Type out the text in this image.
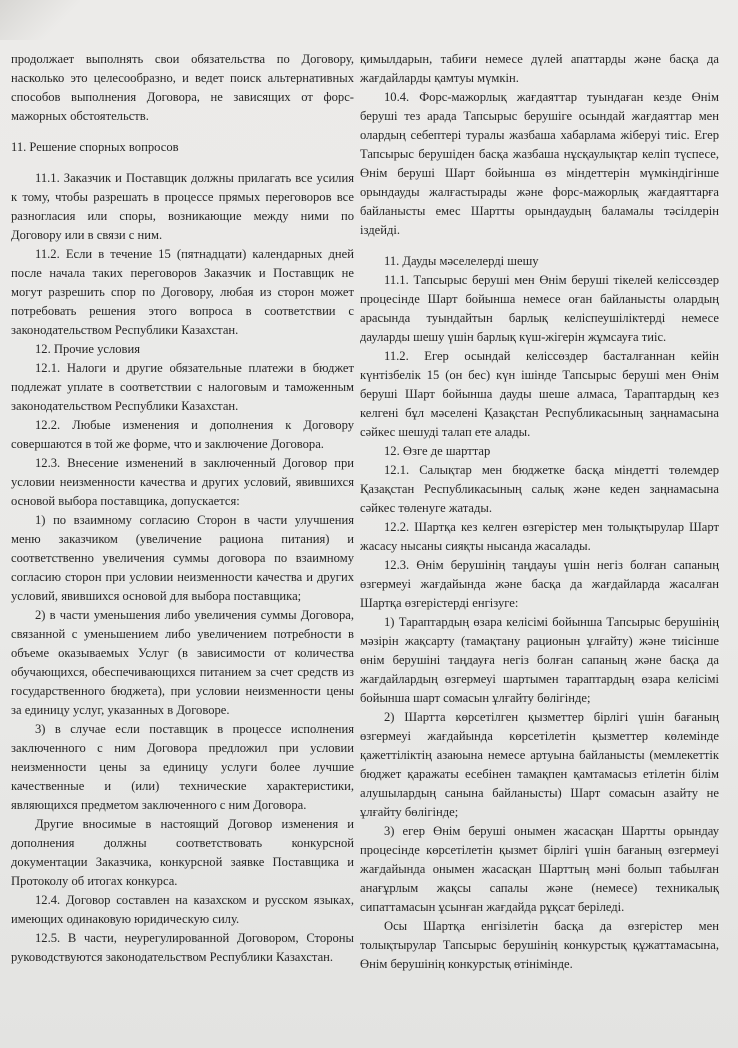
продолжает выполнять свои обязательства по Договору, насколько это целесообразно, и ведет поиск альтернативных способов выполнения Договора, не зависящих от форс-мажорных обстоятельств.

11. Решение спорных вопросов

11.1. Заказчик и Поставщик должны прилагать все усилия к тому, чтобы разрешать в процессе прямых переговоров все разногласия или споры, возникающие между ними по Договору или в связи с ним.

11.2. Если в течение 15 (пятнадцати) календарных дней после начала таких переговоров Заказчик и Поставщик не могут разрешить спор по Договору, любая из сторон может потребовать решения этого вопроса в соответствии с законодательством Республики Казахстан.

12. Прочие условия

12.1. Налоги и другие обязательные платежи в бюджет подлежат уплате в соответствии с налоговым и таможенным законодательством Республики Казахстан.

12.2. Любые изменения и дополнения к Договору совершаются в той же форме, что и заключение Договора.

12.3. Внесение изменений в заключенный Договор при условии неизменности качества и других условий, явившихся основой выбора поставщика, допускается:

1) по взаимному согласию Сторон в части улучшения меню заказчиком (увеличение рациона питания) и соответственно увеличения суммы договора по взаимному согласию сторон при условии неизменности качества и других условий, явившихся основой для выбора поставщика;

2) в части уменьшения либо увеличения суммы Договора, связанной с уменьшением либо увеличением потребности в объеме оказываемых Услуг (в зависимости от количества обучающихся, обеспечивающихся питанием за счет средств из государственного бюджета), при условии неизменности цены за единицу услуг, указанных в Договоре.

3) в случае если поставщик в процессе исполнения заключенного с ним Договора предложил при условии неизменности цены за единицу услуги более лучшие качественные и (или) технические характеристики, являющихся предметом заключенного с ним Договора.

Другие вносимые в настоящий Договор изменения и дополнения должны соответствовать конкурсной документации Заказчика, конкурсной заявке Поставщика и Протоколу об итогах конкурса.

12.4. Договор составлен на казахском и русском языках, имеющих одинаковую юридическую силу.

12.5. В части, неурегулированной Договором, Стороны руководствуются законодательством Республики Казахстан.

қимылдарын, табиғи немесе дүлей апаттарды және басқа да жағдайларды қамтуы мүмкін.

10.4. Форс-мажорлық жағдаяттар туындаған кезде Өнім беруші тез арада Тапсырыс берушіге осындай жағдаяттар мен олардың себептері туралы жазбаша хабарлама жіберуі тиіс. Егер Тапсырыс берушіден басқа жазбаша нұсқаулықтар келіп түспесе, Өнім беруші Шарт бойынша өз міндеттерін мүмкіндігінше орындауды жалғастырады және форс-мажорлық жағдаяттарға байланысты емес Шартты орындаудың баламалы тәсілдерін іздейді.

11. Дауды мәселелерді шешу

11.1. Тапсырыс беруші мен Өнім беруші тікелей келіссөздер процесінде Шарт бойынша немесе оған байланысты олардың арасында туындайтын барлық келіспеушіліктерді немесе дауларды шешу үшін барлық күш-жігерін жұмсауға тиіс.

11.2. Егер осындай келіссөздер басталғаннан кейін күнтізбелік 15 (он бес) күн ішінде Тапсырыс беруші мен Өнім беруші Шарт бойынша дауды шеше алмаса, Тараптардың кез келгені бұл мәселені Қазақстан Республикасының заңнамасына сәйкес шешуді талап ете алады.

12. Өзге де шарттар

12.1. Салықтар мен бюджетке басқа міндетті төлемдер Қазақстан Республикасының салық және кеден заңнамасына сәйкес төленуге жатады.

12.2. Шартқа кез келген өзгерістер мен толықтырулар Шарт жасасу нысаны сияқты нысанда жасалады.

12.3. Өнім берушінің таңдауы үшін негіз болған сапаның өзгермеуі жағдайында және басқа да жағдайларда жасалған Шартқа өзгерістерді енгізуге:

1) Тараптардың өзара келісімі бойынша Тапсырыс берушінің мәзірін жақсарту (тамақтану рационын ұлғайту) және тиісінше өнім берушіні таңдауға негіз болған сапаның және басқа да жағдайлардың өзгермеуі шартымен тараптардың өзара келісімі бойынша шарт сомасын ұлғайту бөлігінде;

2) Шартта көрсетілген қызметтер бірлігі үшін бағаның өзгермеуі жағдайында көрсетілетін қызметтер көлемінде қажеттіліктің азаюына немесе артуына байланысты (мемлекеттік бюджет қаражаты есебінен тамақпен қамтамасыз етілетін білім алушылардың санына байланысты) Шарт сомасын азайту не ұлғайту бөлігінде;

3) егер Өнім беруші онымен жасасқан Шартты орындау процесінде көрсетілетін қызмет бірлігі үшін бағаның өзгермеуі жағдайында онымен жасасқан Шарттың мәні болып табылған анағұрлым жақсы сапалы және (немесе) техникалық сипаттамасын ұсынған жағдайда рұқсат беріледі.

Осы Шартқа енгізілетін басқа да өзгерістер мен толықтырулар Тапсырыс берушінің конкурстық құжаттамасына, Өнім берушінің конкурстық өтінімінде.
